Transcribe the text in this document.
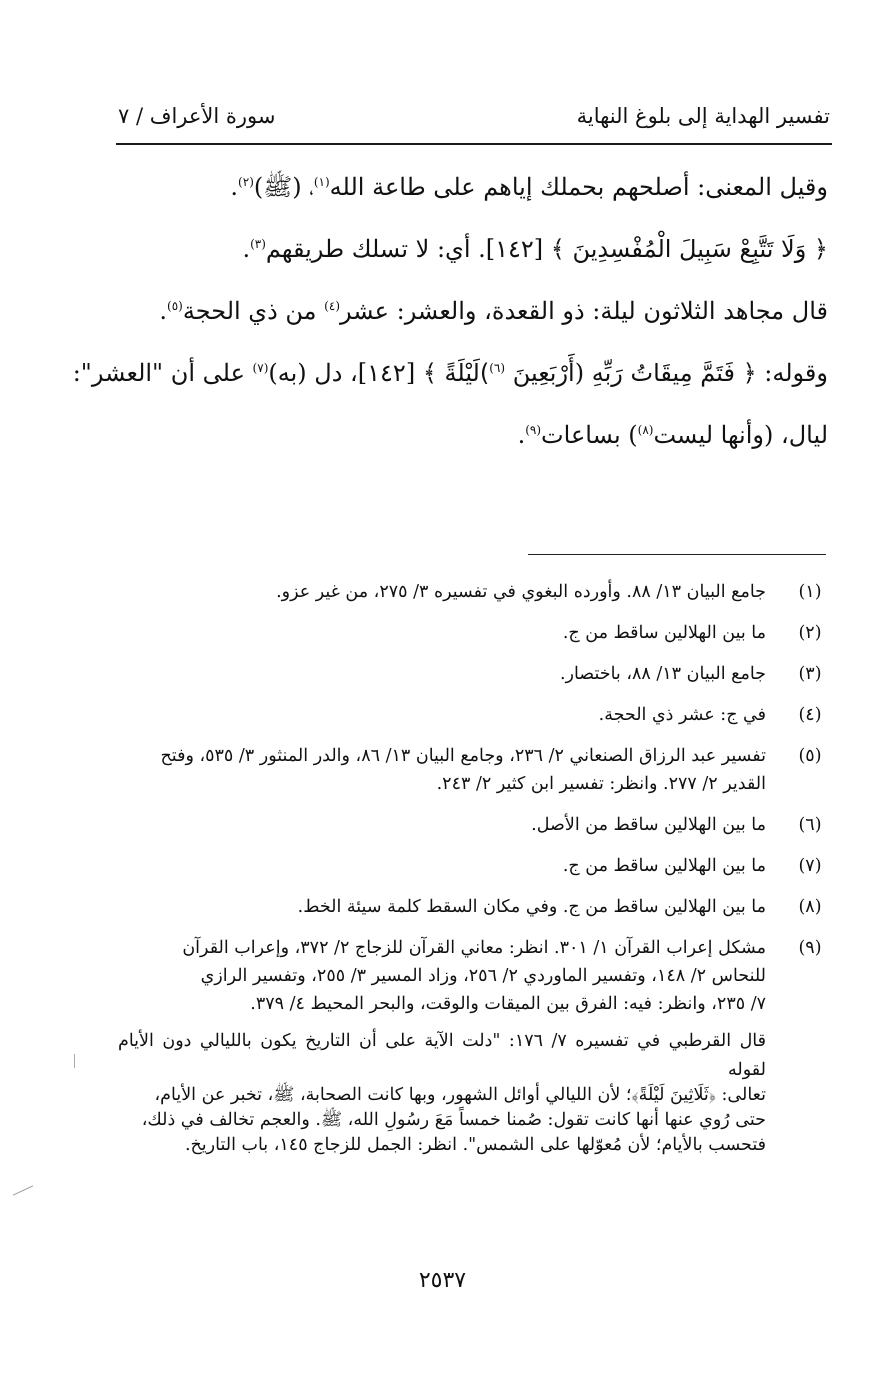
تفسير الهداية إلى بلوغ النهاية
سورة الأعراف / ٧

وقيل المعنى: أصلحهم بحملك إياهم على طاعة الله$^{(١)}$، (ﷺ)$^{(٢)}$.

﴿ وَلَا تَتَّبِعْ سَبِيلَ الْمُفْسِدِينَ ﴾ [١٤٢]. أي: لا تسلك طريقهم$^{(٣)}$.

قال مجاهد الثلاثون ليلة: ذو القعدة، والعشر: عشر$^{(٤)}$ من ذي الحجة$^{(٥)}$.

وقوله: ﴿ فَتَمَّ مِيقَاتُ رَبِّهِ (أَرْبَعِينَ $^{(٦)}$)لَيْلَةً ﴾ [١٤٢]، دل (به)$^{(٧)}$ على أن "العشر":

ليال، (وأنها ليست$^{(٨)}$) بساعات$^{(٩)}$.

(١)
جامع البيان ١٣/ ٨٨. وأورده البغوي في تفسيره ٣/ ٢٧٥، من غير عزو.
(٢)
ما بين الهلالين ساقط من ج.
(٣)
جامع البيان ١٣/ ٨٨، باختصار.
(٤)
في ج: عشر ذي الحجة.
(٥)
تفسير عبد الرزاق الصنعاني ٢/ ٢٣٦، وجامع البيان ١٣/ ٨٦، والدر المنثور ٣/ ٥٣٥، وفتح
القدير ٢/ ٢٧٧. وانظر: تفسير ابن كثير ٢/ ٢٤٣.
(٦)
ما بين الهلالين ساقط من الأصل.
(٧)
ما بين الهلالين ساقط من ج.
(٨)
ما بين الهلالين ساقط من ج. وفي مكان السقط كلمة سيئة الخط.
(٩)
مشكل إعراب القرآن ١/ ٣٠١. انظر: معاني القرآن للزجاج ٢/ ٣٧٢، وإعراب القرآن
للنحاس ٢/ ١٤٨، وتفسير الماوردي ٢/ ٢٥٦، وزاد المسير ٣/ ٢٥٥، وتفسير الرازي
٧/ ٢٣٥، وانظر: فيه: الفرق بين الميقات والوقت، والبحر المحيط ٤/ ٣٧٩.
قال القرطبي في تفسيره ٧/ ١٧٦: "دلت الآية على أن التاريخ يكون بالليالي دون الأيام لقوله
تعالى: ﴿ثَلَاثِينَ لَيْلَةً﴾؛ لأن الليالي أوائل الشهور، وبها كانت الصحابة، ﷺ، تخبر عن الأيام،
حتى رُوي عنها أنها كانت تقول: صُمنا خمساً مَعَ رسُولِ الله، ﷺ. والعجم تخالف في ذلك،
فتحسب بالأيام؛ لأن مُعوّلها على الشمس". انظر: الجمل للزجاج ١٤٥، باب التاريخ.
٢٥٣٧
